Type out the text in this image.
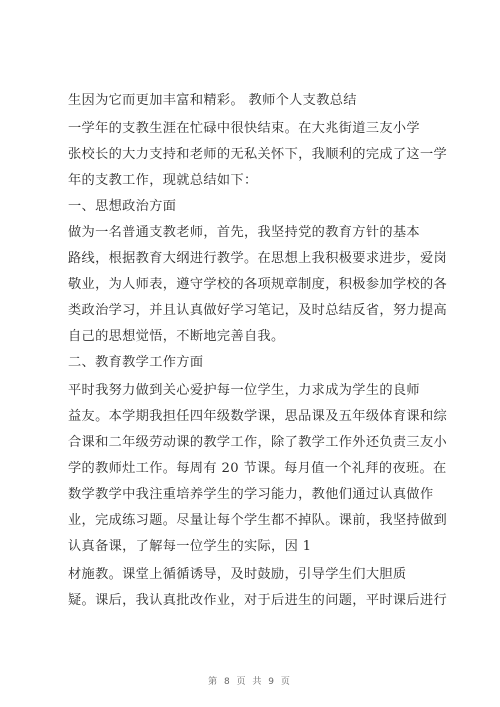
生因为它而更加丰富和精彩。 教师个人支教总结
一学年的支教生涯在忙碌中很快结束。在大兆街道三友小学
张校长的大力支持和老师的无私关怀下，我顺利的完成了这一学
年的支教工作，现就总结如下：
一、思想政治方面
做为一名普通支教老师，首先，我坚持党的教育方针的基本
路线，根据教育大纲进行教学。在思想上我积极要求进步，爱岗
敬业，为人师表，遵守学校的各项规章制度，积极参加学校的各
类政治学习，并且认真做好学习笔记，及时总结反省，努力提高
自己的思想觉悟，不断地完善自我。
二、教育教学工作方面
平时我努力做到关心爱护每一位学生，力求成为学生的良师
益友。本学期我担任四年级数学课，思品课及五年级体育课和综
合课和二年级劳动课的教学工作，除了教学工作外还负责三友小
学的教师灶工作。每周有 20 节课。每月值一个礼拜的夜班。在
数学教学中我注重培养学生的学习能力，教他们通过认真做作
业，完成练习题。尽量让每个学生都不掉队。课前，我坚持做到
认真备课，了解每一位学生的实际，因 1
材施教。课堂上循循诱导，及时鼓励，引导学生们大胆质
疑。课后，我认真批改作业，对于后进生的问题，平时课后进行
第 8 页 共 9 页
